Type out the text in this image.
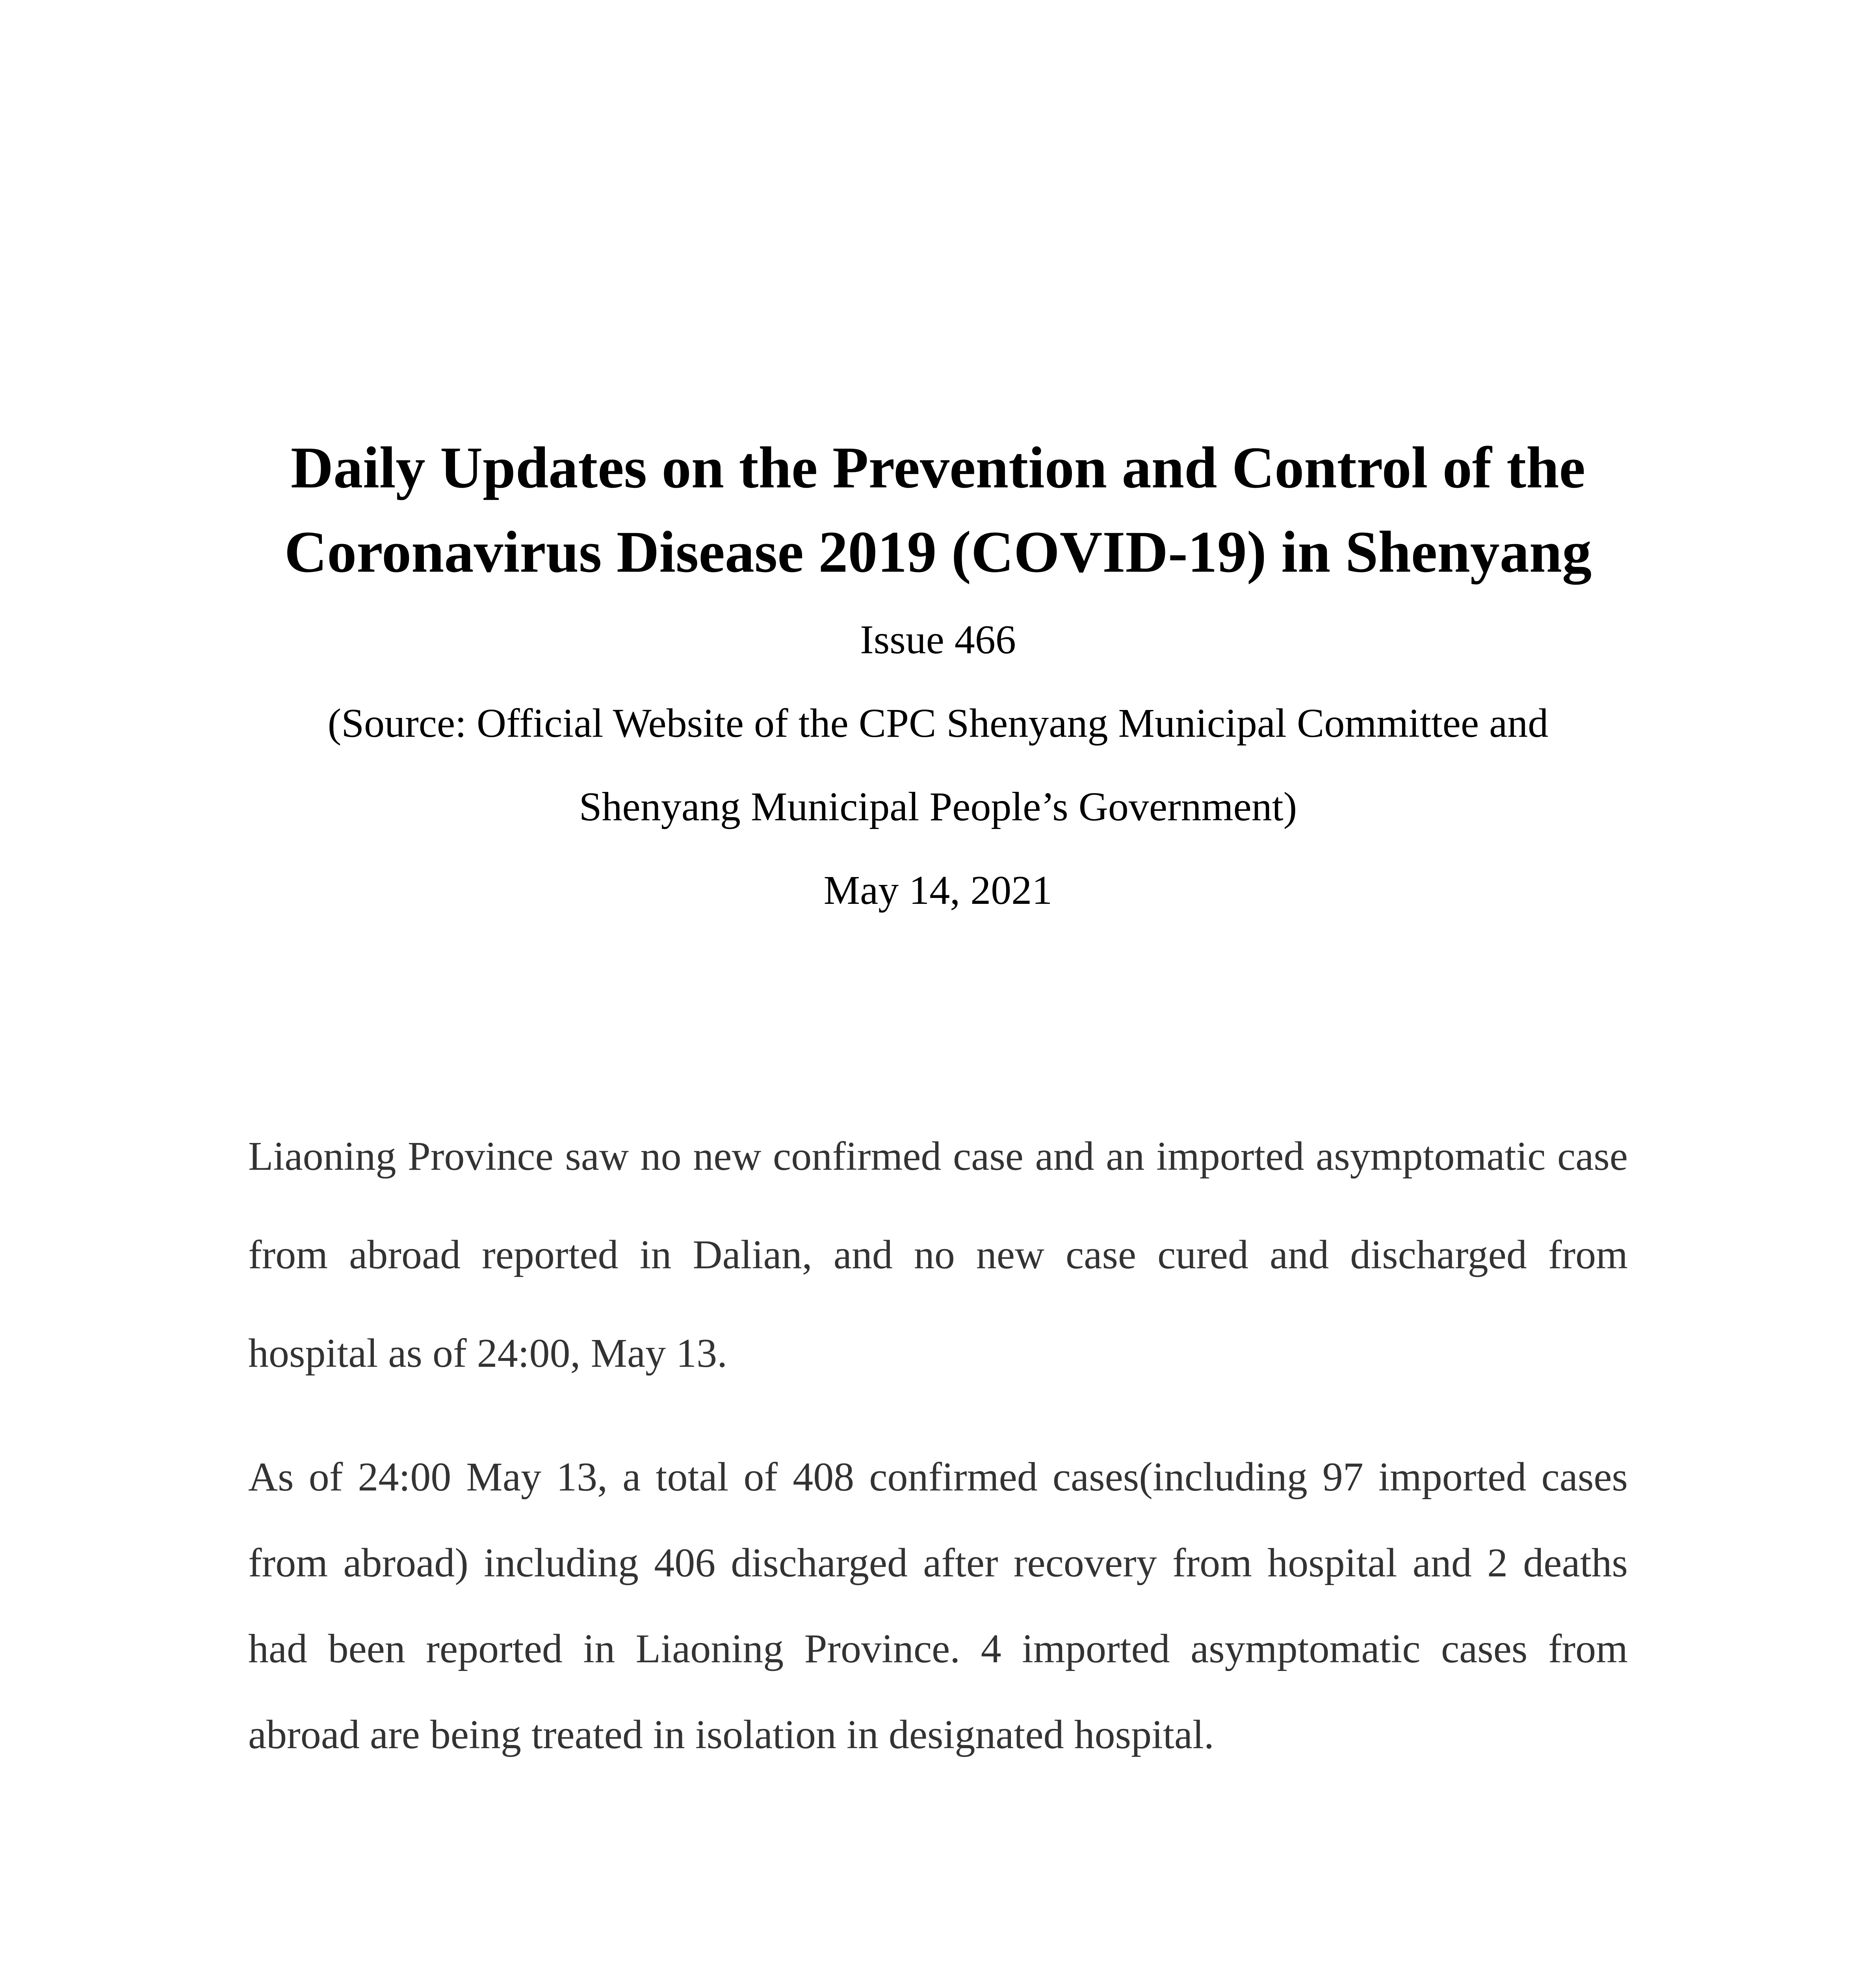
Daily Updates on the Prevention and Control of the Coronavirus Disease 2019 (COVID-19) in Shenyang

Issue 466

(Source: Official Website of the CPC Shenyang Municipal Committee and

Shenyang Municipal People’s Government)

May 14, 2021

Liaoning Province saw no new confirmed case and an imported asymptomatic case from abroad reported in Dalian, and no new case cured and discharged from hospital as of 24:00, May 13.

As of 24:00 May 13, a total of 408 confirmed cases(including 97 imported cases from abroad) including 406 discharged after recovery from hospital and 2 deaths had been reported in Liaoning Province. 4 imported asymptomatic cases from abroad are being treated in isolation in designated hospital.
